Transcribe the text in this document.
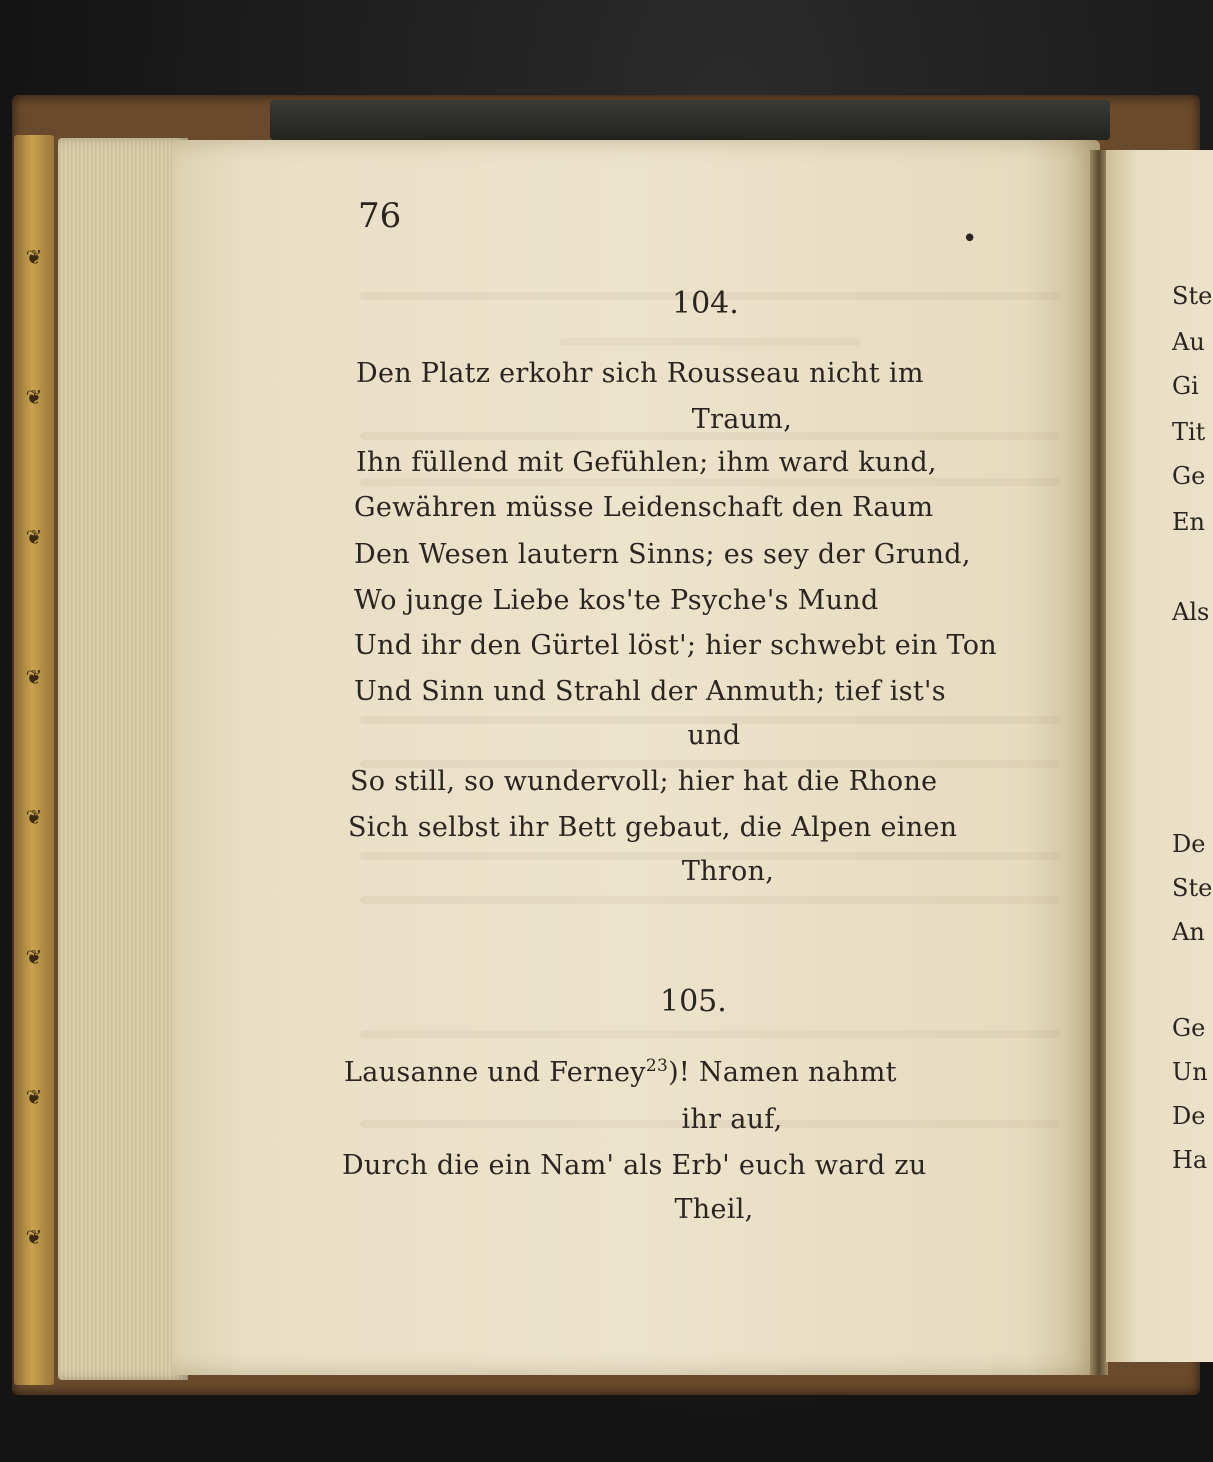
❦
❦
❦
❦
❦
❦
❦
❦
76
•
104.
Den Platz erkohr sich Rousseau nicht im
Traum,
Ihn füllend mit Gefühlen; ihm ward kund,
Gewähren müsse Leidenschaft den Raum
Den Wesen lautern Sinns; es sey der Grund,
Wo junge Liebe kos'te Psyche's Mund
Und ihr den Gürtel löst'; hier schwebt ein Ton
Und Sinn und Strahl der Anmuth; tief ist's
und
So still, so wundervoll; hier hat die Rhone
Sich selbst ihr Bett gebaut, die Alpen einen
Thron,
105.
Lausanne und Ferney$^{23}$)! Namen nahmt
ihr auf,
Durch die ein Nam' als Erb' euch ward zu
Theil,
Ste
Au
Gi
Tit
Ge
En
Als
De
Ste
An
Ge
Un
De
Ha
